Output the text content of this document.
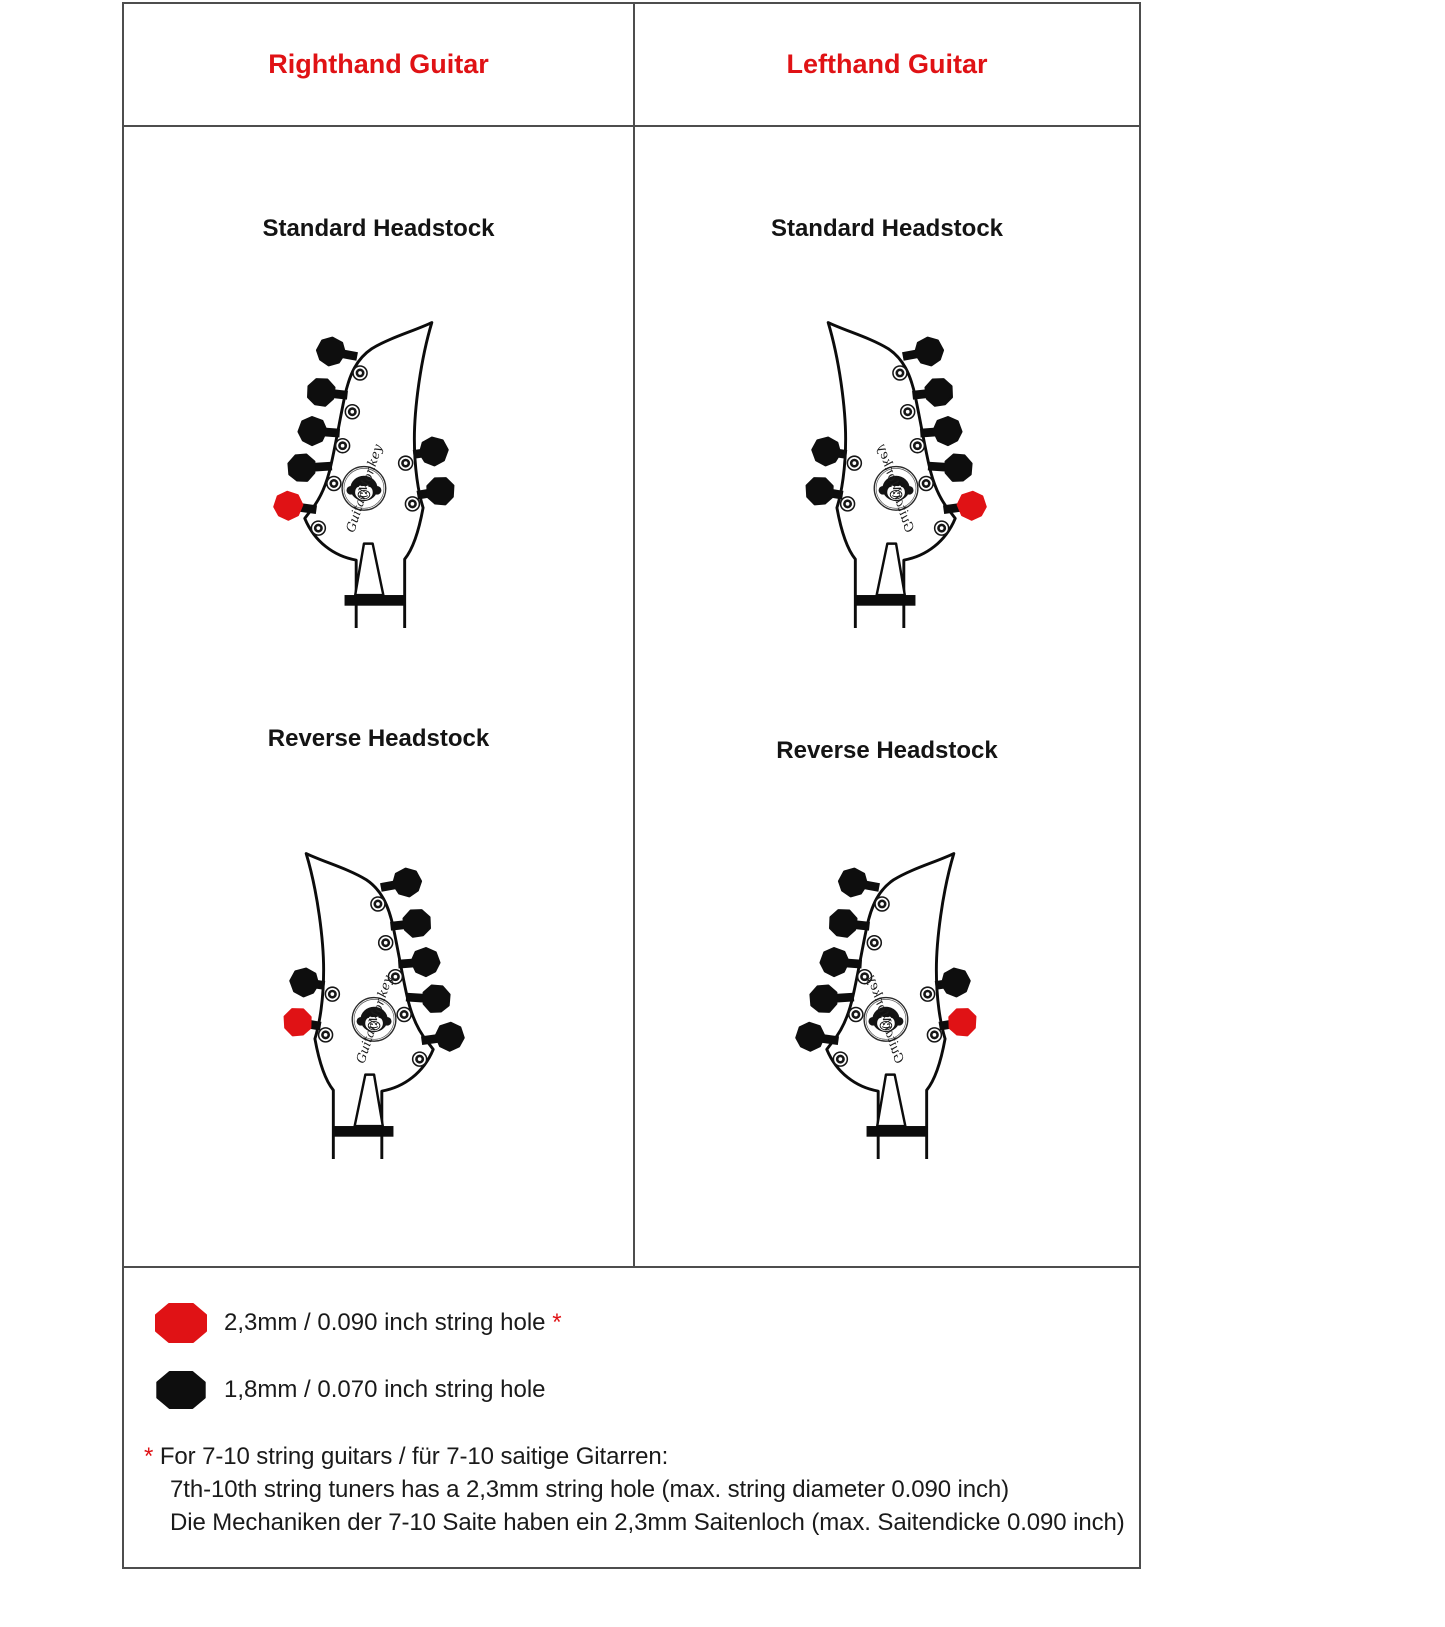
Righthand Guitar	Lefthand Guitar
Standard Headstock	Standard Headstock
Reverse Headstock	Reverse Headstock
2,3mm / 0.090 inch string hole *
1,8mm / 0.070 inch string hole
* For 7-10 string guitars / für 7-10 saitige Gitarren:
7th-10th string tuners has a 2,3mm string hole (max. string diameter 0.090 inch)
Die Mechaniken der 7-10 Saite haben ein 2,3mm Saitenloch (max. Saitendicke 0.090 inch)
